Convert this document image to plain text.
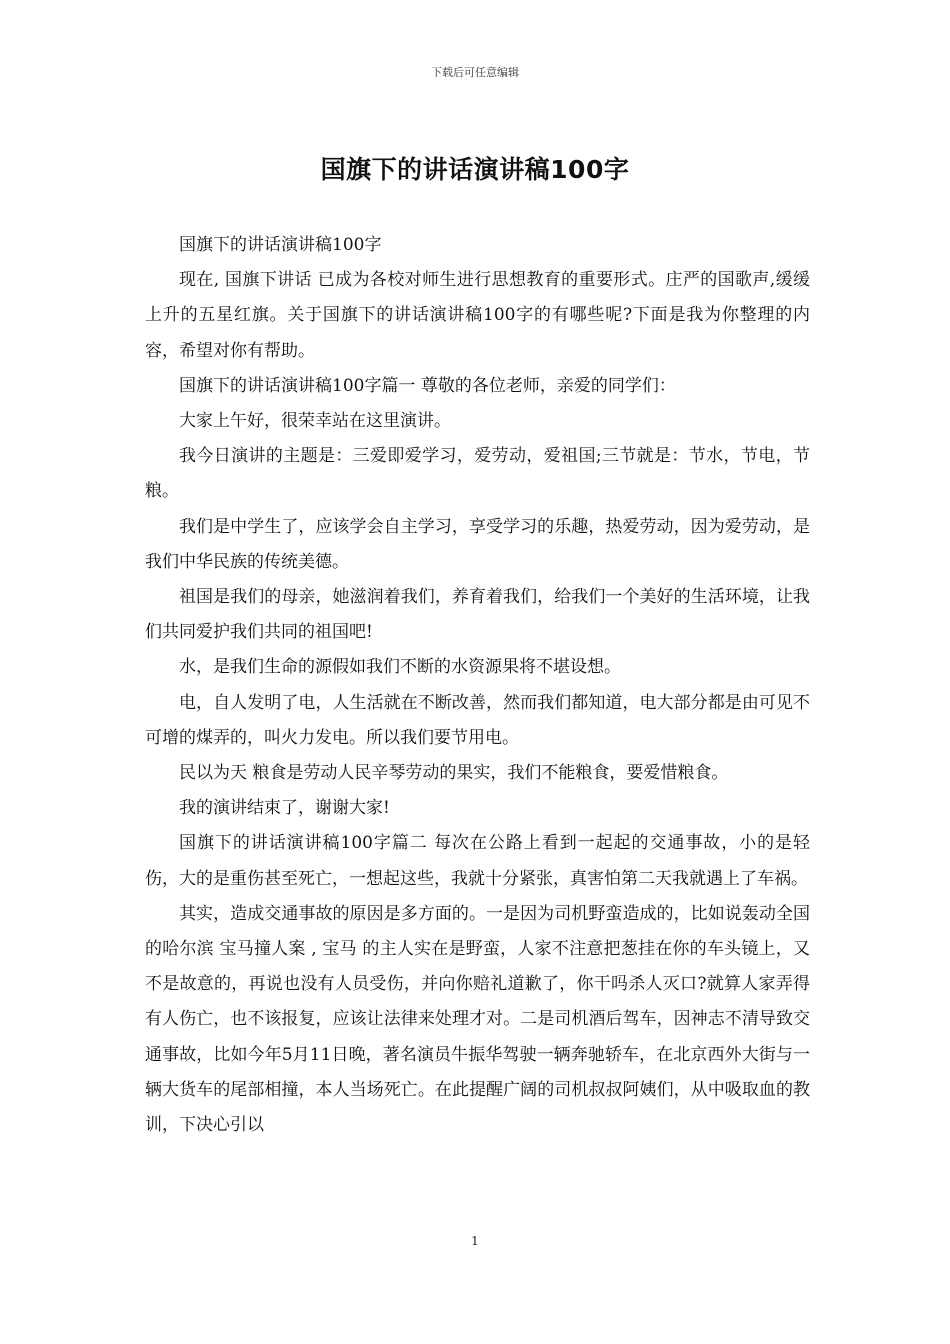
下载后可任意编辑
国旗下的讲话演讲稿100字

国旗下的讲话演讲稿100字

现在, 国旗下讲话 已成为各校对师生进行思想教育的重要形式。庄严的国歌声,缓缓上升的五星红旗。关于国旗下的讲话演讲稿100字的有哪些呢?下面是我为你整理的内容，希望对你有帮助。

国旗下的讲话演讲稿100字篇一 尊敬的各位老师，亲爱的同学们：

大家上午好，很荣幸站在这里演讲。

我今日演讲的主题是：三爱即爱学习，爱劳动，爱祖国;三节就是：节水，节电，节粮。

我们是中学生了，应该学会自主学习，享受学习的乐趣，热爱劳动，因为爱劳动，是我们中华民族的传统美德。

祖国是我们的母亲，她滋润着我们，养育着我们，给我们一个美好的生活环境，让我们共同爱护我们共同的祖国吧!

水，是我们生命的源假如我们不断的水资源果将不堪设想。

电，自人发明了电，人生活就在不断改善，然而我们都知道，电大部分都是由可见不可增的煤弄的，叫火力发电。所以我们要节用电。

民以为天 粮食是劳动人民辛琴劳动的果实，我们不能粮食，要爱惜粮食。

我的演讲结束了，谢谢大家!

国旗下的讲话演讲稿100字篇二 每次在公路上看到一起起的交通事故，小的是轻伤，大的是重伤甚至死亡，一想起这些，我就十分紧张，真害怕第二天我就遇上了车祸。

其实，造成交通事故的原因是多方面的。一是因为司机野蛮造成的，比如说轰动全国的哈尔滨 宝马撞人案 , 宝马 的主人实在是野蛮，人家不注意把葱挂在你的车头镜上，又不是故意的，再说也没有人员受伤，并向你赔礼道歉了，你干吗杀人灭口?就算人家弄得有人伤亡，也不该报复，应该让法律来处理才对。二是司机酒后驾车，因神志不清导致交通事故，比如今年5月11日晚，著名演员牛振华驾驶一辆奔驰轿车，在北京西外大街与一辆大货车的尾部相撞，本人当场死亡。在此提醒广阔的司机叔叔阿姨们，从中吸取血的教训，下决心引以

1
